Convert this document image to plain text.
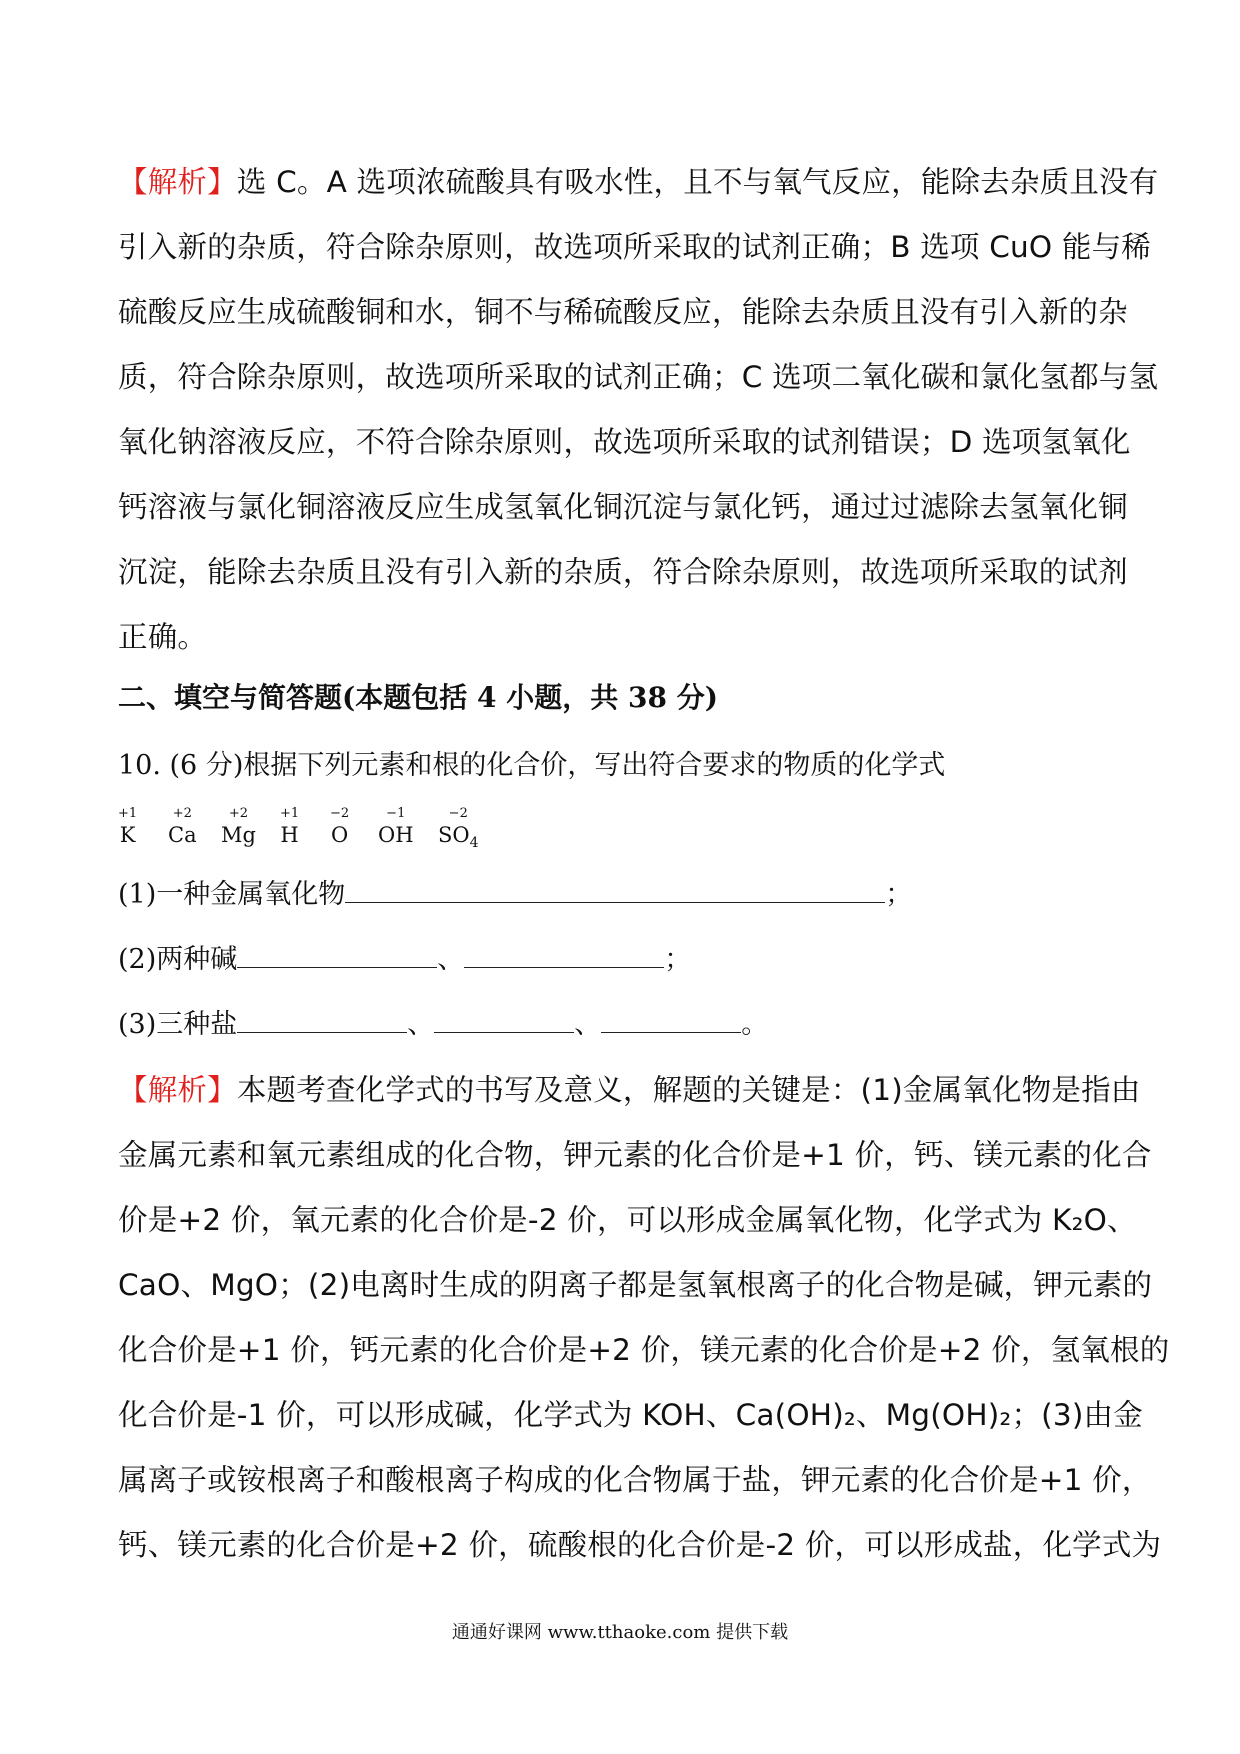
【解析】选 C。A 选项浓硫酸具有吸水性，且不与氧气反应，能除去杂质且没有
引入新的杂质，符合除杂原则，故选项所采取的试剂正确；B 选项 CuO 能与稀
硫酸反应生成硫酸铜和水，铜不与稀硫酸反应，能除去杂质且没有引入新的杂
质，符合除杂原则，故选项所采取的试剂正确；C 选项二氧化碳和氯化氢都与氢
氧化钠溶液反应，不符合除杂原则，故选项所采取的试剂错误；D 选项氢氧化
钙溶液与氯化铜溶液反应生成氢氧化铜沉淀与氯化钙，通过过滤除去氢氧化铜
沉淀，能除去杂质且没有引入新的杂质，符合除杂原则，故选项所采取的试剂
正确。
二、填空与简答题(本题包括 4 小题，共 38 分)
10. (6 分)根据下列元素和根的化合价，写出符合要求的物质的化学式
+1
K
+2
Ca
+2
Mg
+1
H
−2
O
−1
OH
−2
$SO_4$
(1)一种金属氧化物	；
(2)两种碱	、	；
(3)三种盐	、	、	。
【解析】本题考查化学式的书写及意义，解题的关键是：(1)金属氧化物是指由
金属元素和氧元素组成的化合物，钾元素的化合价是+1 价，钙、镁元素的化合
价是+2 价，氧元素的化合价是-2 价，可以形成金属氧化物，化学式为 K₂O、
CaO、MgO；(2)电离时生成的阴离子都是氢氧根离子的化合物是碱，钾元素的
化合价是+1 价，钙元素的化合价是+2 价，镁元素的化合价是+2 价，氢氧根的
化合价是-1 价，可以形成碱，化学式为 KOH、Ca(OH)₂、Mg(OH)₂；(3)由金
属离子或铵根离子和酸根离子构成的化合物属于盐，钾元素的化合价是+1 价，
钙、镁元素的化合价是+2 价，硫酸根的化合价是-2 价，可以形成盐，化学式为
通通好课网 www.tthaoke.com 提供下载
